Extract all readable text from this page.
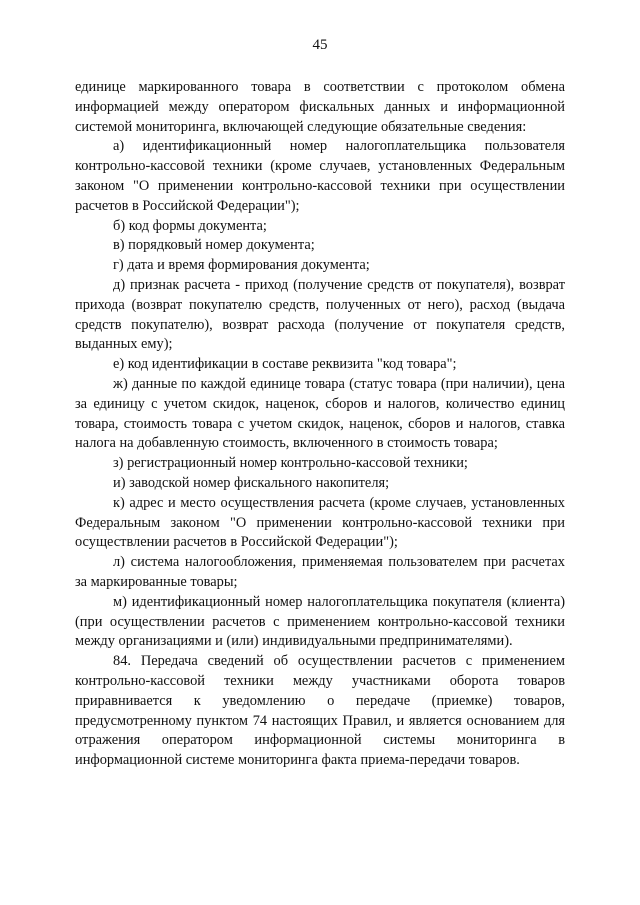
45

единице маркированного товара в соответствии с протоколом обмена информацией между оператором фискальных данных и информационной системой мониторинга, включающей следующие обязательные сведения:

а) идентификационный номер налогоплательщика пользователя контрольно-кассовой техники (кроме случаев, установленных Федеральным законом "О применении контрольно-кассовой техники при осуществлении расчетов в Российской Федерации");

б) код формы документа;

в) порядковый номер документа;

г) дата и время формирования документа;

д) признак расчета - приход (получение средств от покупателя), возврат прихода (возврат покупателю средств, полученных от него), расход (выдача средств покупателю), возврат расхода (получение от покупателя средств, выданных ему);

е) код идентификации в составе реквизита "код товара";

ж) данные по каждой единице товара (статус товара (при наличии), цена за единицу с учетом скидок, наценок, сборов и налогов, количество единиц товара, стоимость товара с учетом скидок, наценок, сборов и налогов, ставка налога на добавленную стоимость, включенного в стоимость товара;

з) регистрационный номер контрольно-кассовой техники;

и) заводской номер фискального накопителя;

к) адрес и место осуществления расчета (кроме случаев, установленных Федеральным законом "О применении контрольно-кассовой техники при осуществлении расчетов в Российской Федерации");

л) система налогообложения, применяемая пользователем при расчетах за маркированные товары;

м) идентификационный номер налогоплательщика покупателя (клиента) (при осуществлении расчетов с применением контрольно-кассовой техники между организациями и (или) индивидуальными предпринимателями).

84. Передача сведений об осуществлении расчетов с применением контрольно-кассовой техники между участниками оборота товаров приравнивается к уведомлению о передаче (приемке) товаров, предусмотренному пунктом 74 настоящих Правил, и является основанием для отражения оператором информационной системы мониторинга в информационной системе мониторинга факта приема-передачи товаров.
